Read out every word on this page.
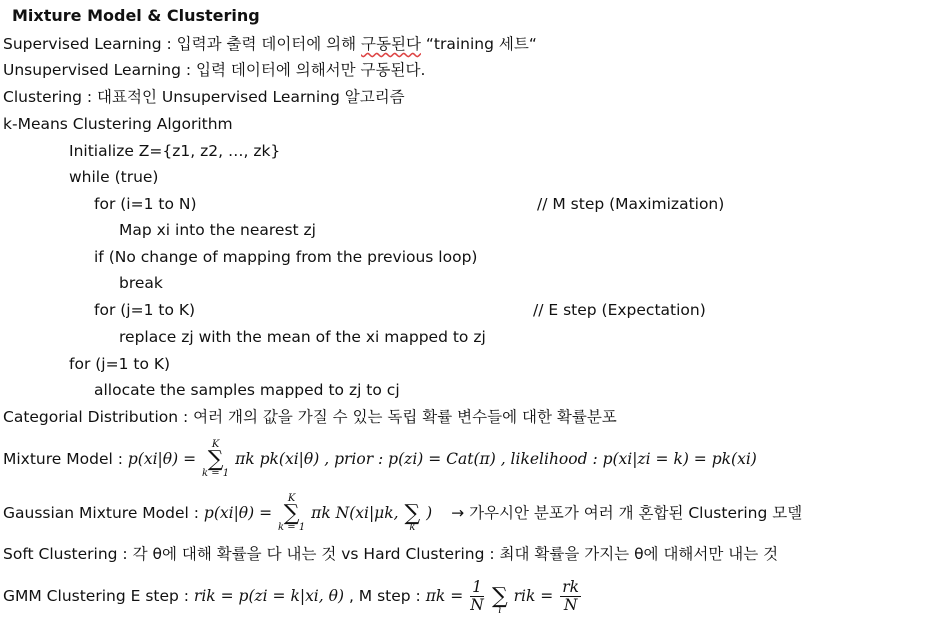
Mixture Model & Clustering
Supervised Learning : 입력과 출력 데이터에 의해 구동된다 “training 세트“
Unsupervised Learning : 입력 데이터에 의해서만 구동된다.
Clustering : 대표적인 Unsupervised Learning 알고리즘
k-Means Clustering Algorithm
Initialize Z={z1, z2, …, zk}
while (true)
for (i=1 to N)	// M step (Maximization)
Map xi into the nearest zj
if (No change of mapping from the previous loop)
break
for (j=1 to K)	// E step (Expectation)
replace zj with the mean of the xi mapped to zj
for (j=1 to K)
allocate the samples mapped to zj to cj
Categorial Distribution : 여러 개의 값을 가질 수 있는 독립 확률 변수들에 대한 확률분포
Mixture Model : p(xi|θ) =
K
∑
k = 1
πk pk(xi|θ) , prior : p(zi) = Cat(π) , likelihood : p(xi|zi = k) = pk(xi)
Gaussian Mixture Model : p(xi|θ) =
K
∑
k = 1
πk N(xi|μk,
∑
k
) → 가우시안 분포가 여러 개 혼합된 Clustering 모델
Soft Clustering : 각 θ에 대해 확률을 다 내는 것 vs Hard Clustering : 최대 확률을 가지는 θ에 대해서만 내는 것
GMM Clustering E step : rik = p(zi = k|xi, θ) , M step : $\pi k = \frac{1}{N}$

∑
i
rik = $\frac{rk}{N}$
